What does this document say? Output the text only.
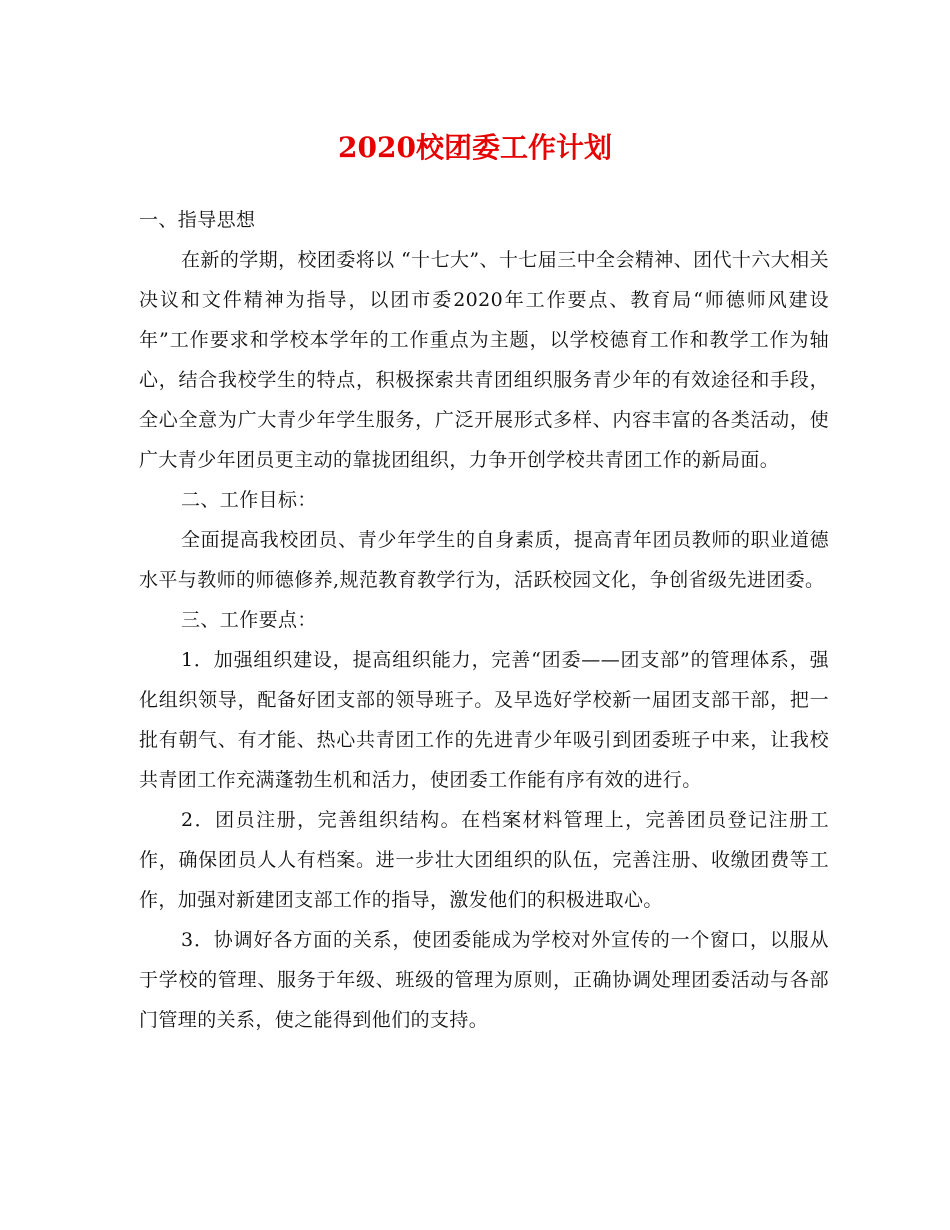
2020校团委工作计划

一、指导思想

在新的学期，校团委将以 “十七大”、十七届三中全会精神、团代十六大相关决议和文件精神为指导，以团市委2020年工作要点、教育局“师德师风建设年”工作要求和学校本学年的工作重点为主题，以学校德育工作和教学工作为轴心，结合我校学生的特点，积极探索共青团组织服务青少年的有效途径和手段，全心全意为广大青少年学生服务，广泛开展形式多样、内容丰富的各类活动，使广大青少年团员更主动的靠拢团组织，力争开创学校共青团工作的新局面。

二、工作目标：

全面提高我校团员、青少年学生的自身素质，提高青年团员教师的职业道德水平与教师的师德修养,规范教育教学行为，活跃校园文化，争创省级先进团委。

三、工作要点：

1．加强组织建设，提高组织能力，完善“团委——团支部”的管理体系，强化组织领导，配备好团支部的领导班子。及早选好学校新一届团支部干部，把一批有朝气、有才能、热心共青团工作的先进青少年吸引到团委班子中来，让我校共青团工作充满蓬勃生机和活力，使团委工作能有序有效的进行。

2．团员注册，完善组织结构。在档案材料管理上，完善团员登记注册工作，确保团员人人有档案。进一步壮大团组织的队伍，完善注册、收缴团费等工作，加强对新建团支部工作的指导，激发他们的积极进取心。

3．协调好各方面的关系，使团委能成为学校对外宣传的一个窗口，以服从于学校的管理、服务于年级、班级的管理为原则，正确协调处理团委活动与各部门管理的关系，使之能得到他们的支持。
